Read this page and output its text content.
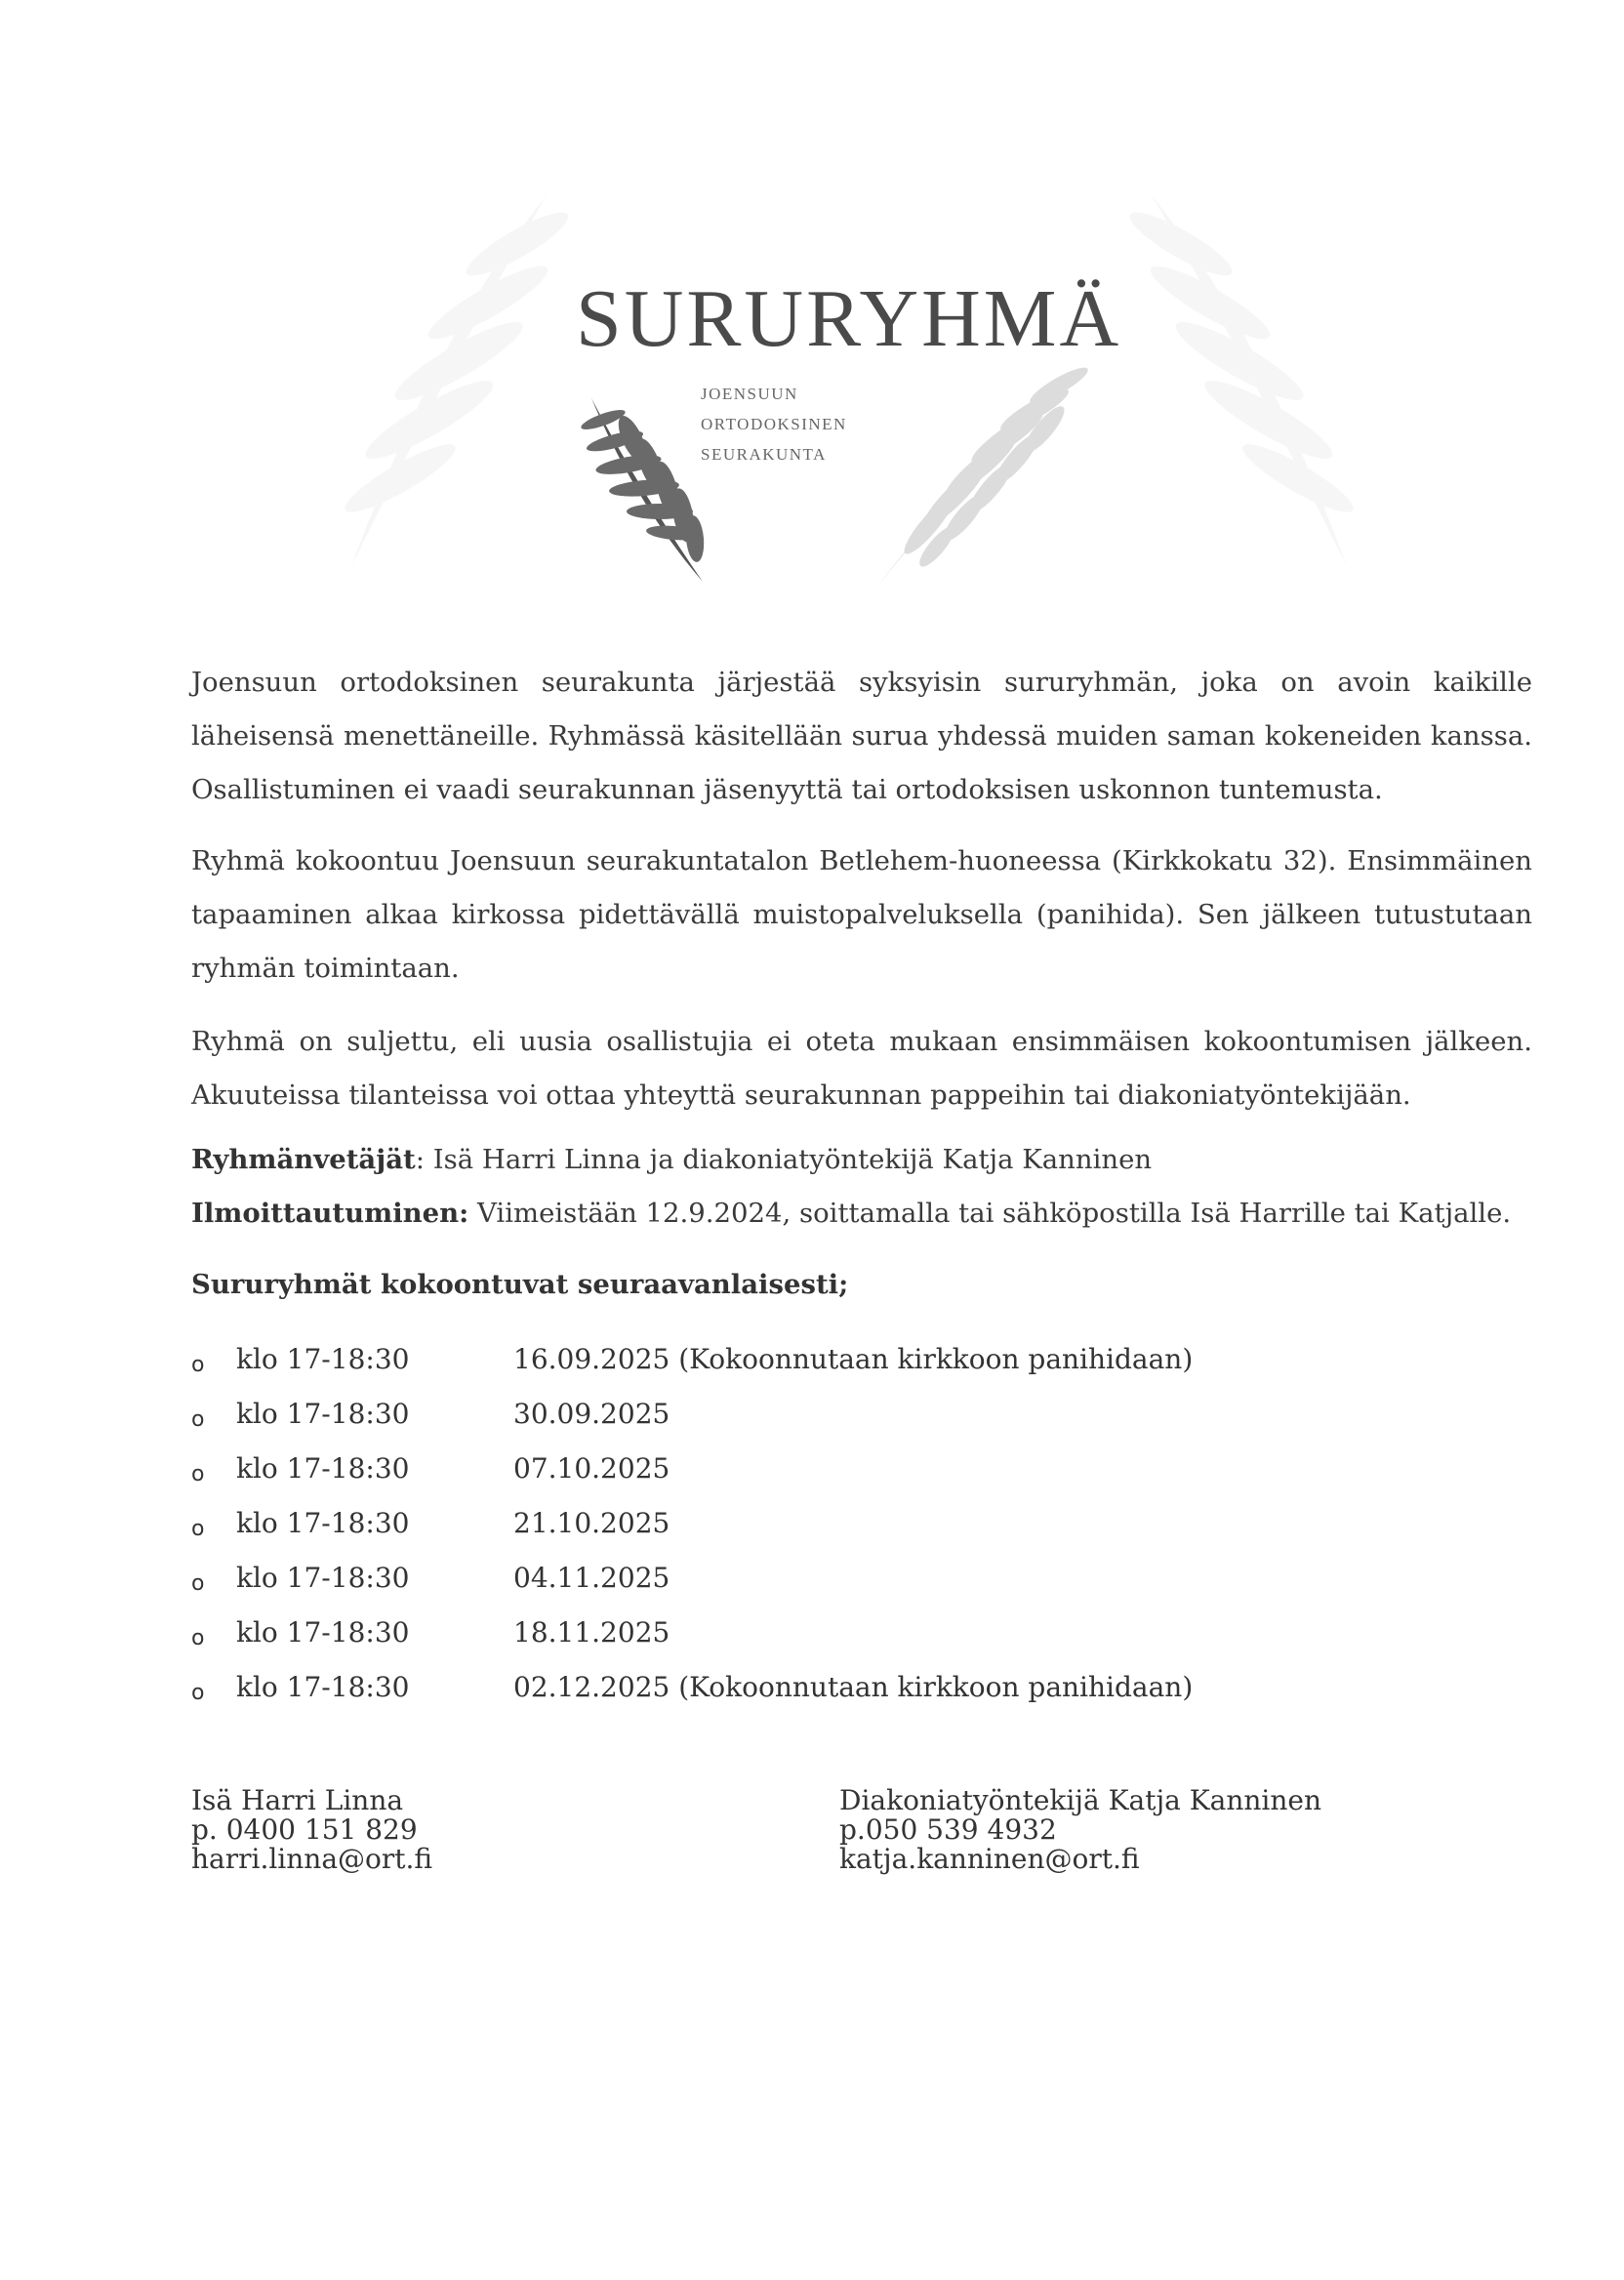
SURURYHMÄ
JOENSUUN
ORTODOKSINEN
SEURAKUNTA
Joensuun ortodoksinen seurakunta järjestää syksyisin sururyhmän, joka on avoin kaikille läheisensä menettäneille. Ryhmässä käsitellään surua yhdessä muiden saman kokeneiden kanssa. Osallistuminen ei vaadi seurakunnan jäsenyyttä tai ortodoksisen uskonnon tuntemusta.
Ryhmä kokoontuu Joensuun seurakuntatalon Betlehem-huoneessa (Kirkkokatu 32). Ensimmäinen tapaaminen alkaa kirkossa pidettävällä muistopalveluksella (panihida). Sen jälkeen tutustutaan ryhmän toimintaan.
Ryhmä on suljettu, eli uusia osallistujia ei oteta mukaan ensimmäisen kokoontumisen jälkeen. Akuuteissa tilanteissa voi ottaa yhteyttä seurakunnan pappeihin tai diakoniatyöntekijään.
Ryhmänvetäjät: Isä Harri Linna ja diakoniatyöntekijä Katja Kanninen
Ilmoittautuminen: Viimeistään 12.9.2024, soittamalla tai sähköpostilla Isä Harrille tai Katjalle.
Sururyhmät kokoontuvat seuraavanlaisesti;
o klo 17-18:30	16.09.2025 (Kokoonnutaan kirkkoon panihidaan)
o klo 17-18:30	30.09.2025
o klo 17-18:30	07.10.2025
o klo 17-18:30	21.10.2025
o klo 17-18:30	04.11.2025
o klo 17-18:30	18.11.2025
o klo 17-18:30	02.12.2025 (Kokoonnutaan kirkkoon panihidaan)
Isä Harri Linna
p. 0400 151 829
harri.linna@ort.fi
Diakoniatyöntekijä Katja Kanninen
p.050 539 4932
katja.kanninen@ort.fi
